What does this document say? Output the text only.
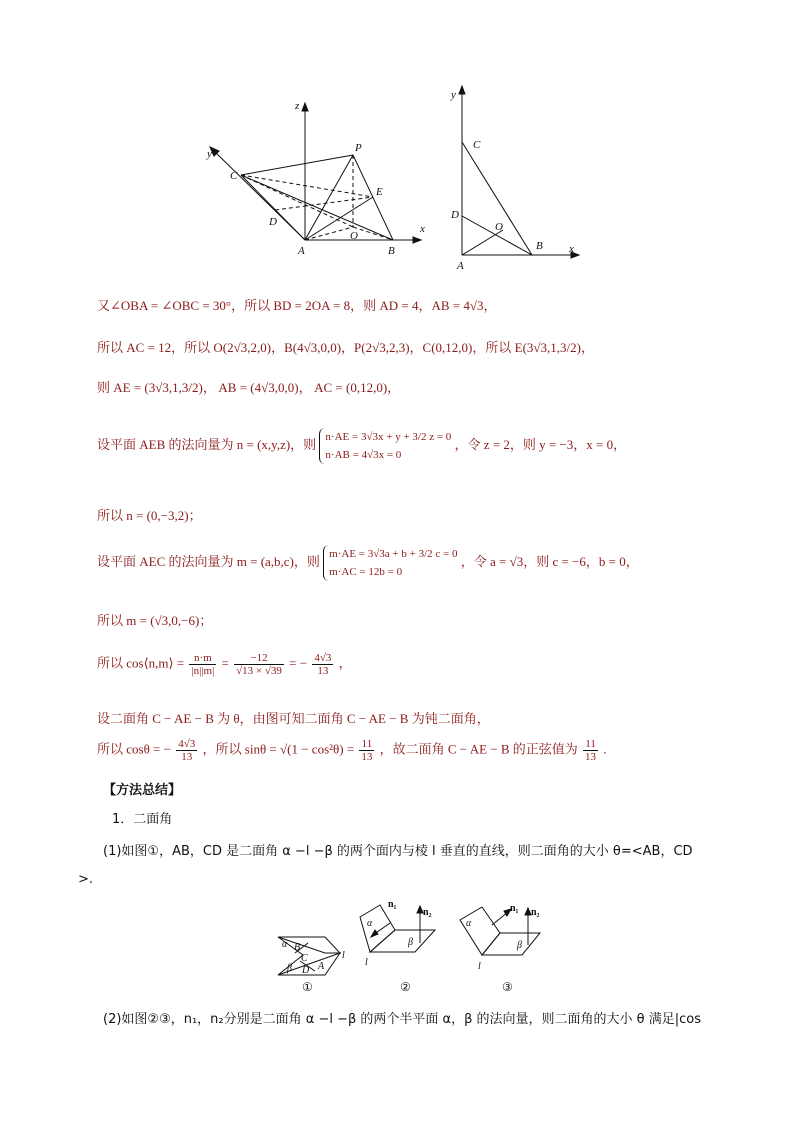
z
y
x
P
C
E
D
A
O
B
y
x
C
D
O
A
B
又∠OBA = ∠OBC = 30°，所以 BD = 2OA = 8，则 AD = 4，AB = 4√3，
所以 AC = 12，所以 O(2√3,2,0)，B(4√3,0,0)，P(2√3,2,3)，C(0,12,0)，所以 E(3√3,1,3/2)，
则 AE = (3√3,1,3/2)， AB = (4√3,0,0)， AC = (0,12,0)，
设平面 AEB 的法向量为 n = (x,y,z)，则 n·AE = 3√3x + y + 3/2 z = 0
n·AB = 4√3x = 0
，令 z = 2，则 y = −3，x = 0，
所以 n = (0,−3,2)；
设平面 AEC 的法向量为 m = (a,b,c)，则 m·AE = 3√3a + b + 3/2 c = 0
m·AC = 12b = 0
，令 a = √3，则 c = −6，b = 0，
所以 m = (√3,0,−6)；
所以 cos⟨n,m⟩ = $\frac{n\cdot m}{|n||m|} = \frac{-12}{√13 \times √39}$ = − $\frac{4√3}{13}$ ，
设二面角 C − AE − B 为 θ，由图可知二面角 C − AE − B 为钝二面角，
所以 cosθ = − $\frac{4√3}{13}$ ，所以 $\sin\theta = √(1 - \cos^2\theta) = \frac{11}{13}$ ，故二面角 C − AE − B 的正弦值为 $\frac{11}{13}$ .
【方法总结】
1．二面角
(1)如图①，AB，CD 是二面角 α −l −β 的两个面内与棱 l 垂直的直线，则二面角的大小 θ=<AB，CD
>.
α B
C
β D A
l
α
n₁
n₂
β
l
α
n₁ n₂
β
l
①	②	③
(2)如图②③，n₁，n₂分别是二面角 α −l −β 的两个半平面 α，β 的法向量，则二面角的大小 θ 满足|cos
